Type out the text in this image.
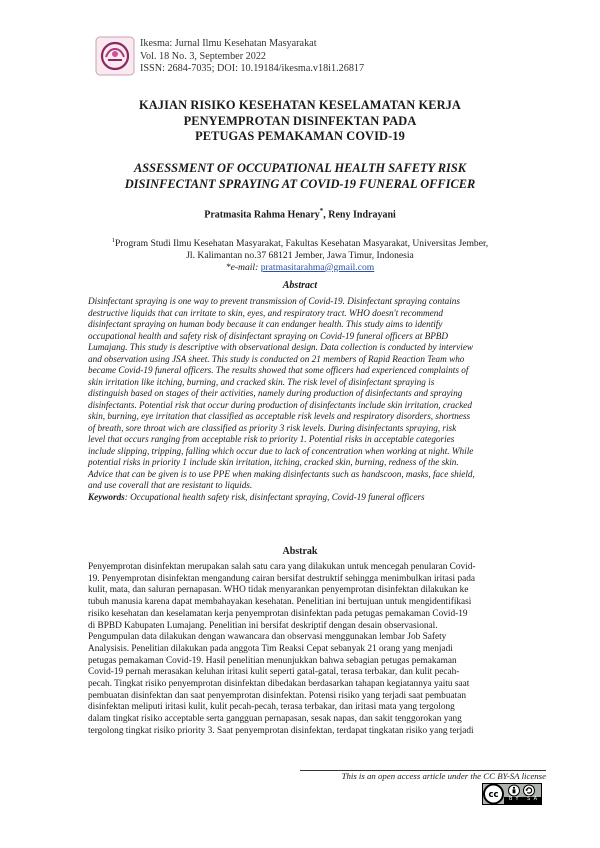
Ikesma: Jurnal Ilmu Kesehatan Masyarakat
Vol. 18 No. 3, September 2022
ISSN: 2684-7035; DOI: 10.19184/ikesma.v18i1.26817
KAJIAN RISIKO KESEHATAN KESELAMATAN KERJA
PENYEMPROTAN DISINFEKTAN PADA
PETUGAS PEMAKAMAN COVID-19
ASSESSMENT OF OCCUPATIONAL HEALTH SAFETY RISK
DISINFECTANT SPRAYING AT COVID-19 FUNERAL OFFICER
Pratmasita Rahma Henary*, Reny Indrayani
$^1$Program Studi Ilmu Kesehatan Masyarakat, Fakultas Kesehatan Masyarakat, Universitas Jember,
Jl. Kalimantan no.37 68121 Jember, Jawa Timur, Indonesia
*e-mail: pratmasitarahma@gmail.com
Abstract
Disinfectant spraying is one way to prevent transmission of Covid-19. Disinfectant spraying contains
destructive liquids that can irritate to skin, eyes, and respiratory tract. WHO doesn't recommend
disinfectant spraying on human body because it can endanger health. This study aims to identify
occupational health and safety risk of disinfectant spraying on Covid-19 funeral officers at BPBD
Lumajang. This study is descriptive with observational design. Data collection is conducted by interview
and observation using JSA sheet. This study is conducted on 21 members of Rapid Reaction Team who
became Covid-19 funeral officers. The results showed that some officers had experienced complaints of
skin irritation like itching, burning, and cracked skin. The risk level of disinfectant spraying is
distinguish based on stages of their activities, namely during production of disinfectants and spraying
disinfectants. Potential risk that occur during production of disinfectants include skin irritation, cracked
skin, burning, eye irritation that classified as acceptable risk levels and respiratory disorders, shortness
of breath, sore throat wich are classified as priority 3 risk levels. During disinfectants spraying, risk
level that occurs ranging from acceptable risk to priority 1. Potential risks in acceptable categories
include slipping, tripping, falling which occur due to lack of concentration when working at night. While
potential risks in priority 1 include skin irritation, itching, cracked skin, burning, redness of the skin.
Advice that can be given is to use PPE when making disinfectants such as handscoon, masks, face shield,
and use coverall that are resistant to liquids.
Keywords: Occupational health safety risk, disinfectant spraying, Covid-19 funeral officers
Abstrak
Penyemprotan disinfektan merupakan salah satu cara yang dilakukan untuk mencegah penularan Covid-
19. Penyemprotan disinfektan mengandung cairan bersifat destruktif sehingga menimbulkan iritasi pada
kulit, mata, dan saluran pernapasan. WHO tidak menyarankan penyemprotan disinfektan dilakukan ke
tubuh manusia karena dapat membahayakan kesehatan. Penelitian ini bertujuan untuk mengidentifikasi
risiko kesehatan dan keselamatan kerja penyemprotan disinfektan pada petugas pemakaman Covid-19
di BPBD Kabupaten Lumajang. Penelitian ini bersifat deskriptif dengan desain observasional.
Pengumpulan data dilakukan dengan wawancara dan observasi menggunakan lembar Job Safety
Analysisis. Penelitian dilakukan pada anggota Tim Reaksi Cepat sebanyak 21 orang yang menjadi
petugas pemakaman Covid-19. Hasil penelitian menunjukkan bahwa sebagian petugas pemakaman
Covid-19 pernah merasakan keluhan iritasi kulit seperti gatal-gatal, terasa terbakar, dan kulit pecah-
pecah. Tingkat risiko penyemprotan disinfektan dibedakan berdasarkan tahapan kegiatannya yaitu saat
pembuatan disinfektan dan saat penyemprotan disinfektan. Potensi risiko yang terjadi saat pembuatan
disinfektan meliputi iritasi kulit, kulit pecah-pecah, terasa terbakar, dan iritasi mata yang tergolong
dalam tingkat risiko acceptable serta gangguan pernapasan, sesak napas, dan sakit tenggorokan yang
tergolong tingkat risiko priority 3. Saat penyemprotan disinfektan, terdapat tingkatan risiko yang terjadi
This is an open access article under the CC BY-SA license
cc BY SA
